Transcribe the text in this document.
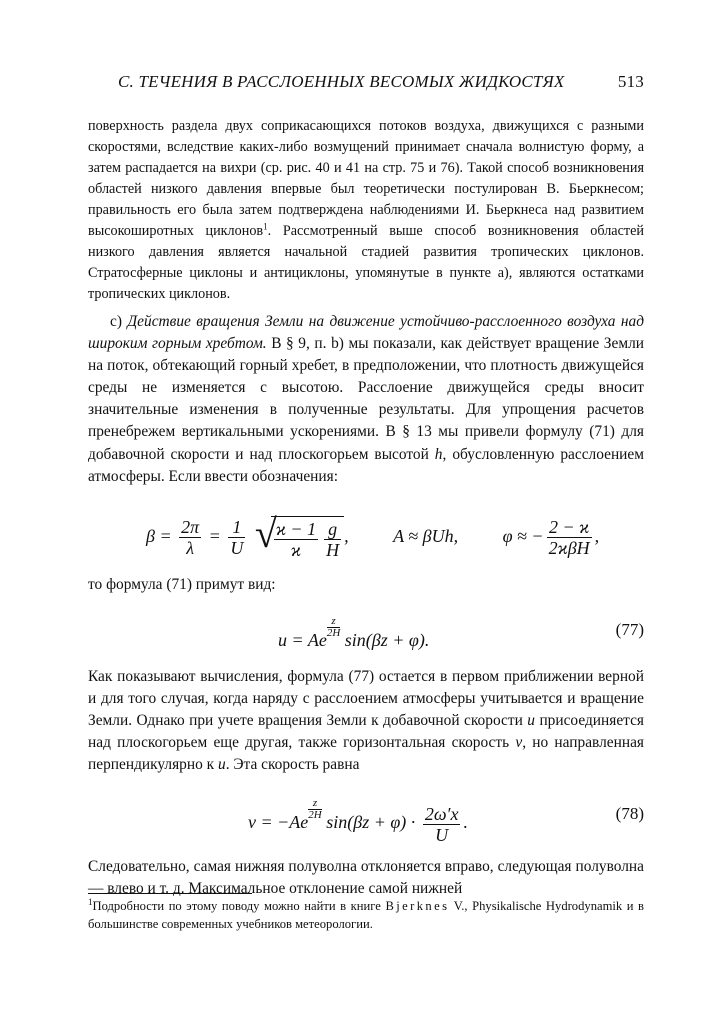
С. ТЕЧЕНИЯ В РАССЛОЕННЫХ ВЕСОМЫХ ЖИДКОСТЯХ	513

поверхность раздела двух соприкасающихся потоков воздуха, движущихся с разными скоростями, вследствие каких-либо возмущений принимает сначала волнистую форму, а затем распадается на вихри (ср. рис. 40 и 41 на стр. 75 и 76). Такой способ возникновения областей низкого давления впервые был теоретически постулирован В. Бьеркнесом; правильность его была затем подтверждена наблюдениями И. Бьеркнеса над развитием высокоширотных циклонов$^1$. Рассмотренный выше способ возникновения областей низкого давления является начальной стадией развития тропических циклонов. Стратосферные циклоны и антициклоны, упомянутые в пункте а), являются остатками тропических циклонов.

с) Действие вращения Земли на движение устойчиво-расслоенного воздуха над широким горным хребтом. В § 9, п. b) мы показали, как действует вращение Земли на поток, обтекающий горный хребет, в предположении, что плотность движущейся среды не изменяется с высотою. Расслоение движущейся среды вносит значительные изменения в полученные результаты. Для упрощения расчетов пренебрежем вертикальными ускорениями. В § 13 мы привели формулу (71) для добавочной скорости и над плоскогорьем высотой h, обусловленную расслоением атмосферы. Если ввести обозначения:

$\beta = \frac{2\pi}{\lambda} = \frac{1}{U}$
√
$\frac{ϰ - 1}{ϰ} \frac{g}{H}$ , A ≈ βUh, φ ≈ − $\frac{2 - ϰ}{\text{2ϰβH}}$ ,

то формула (71) примут вид:

u = Ae
$\frac{z}{2H}$
sin(βz + φ).
(77)

Как показывают вычисления, формула (77) остается в первом приближении верной и для того случая, когда наряду с расслоением атмосферы учитывается и вращение Земли. Однако при учете вращения Земли к добавочной скорости u присоединяется над плоскогорьем еще другая, также горизонтальная скорость v, но направленная перпендикулярно к u. Эта скорость равна

v = −Ae
$\frac{z}{2H}$
$\sin(\beta z + \varphi) \cdot \frac{2\omega'x}{U}$ .	(78)

Следовательно, самая нижняя полуволна отклоняется вправо, следующая полуволна — влево и т. д. Максимальное отклонение самой нижней

$^1$Подробности по этому поводу можно найти в книге Bjerknes V., Physikalische Hydrodynamik и в большинстве современных учебников метеорологии.
